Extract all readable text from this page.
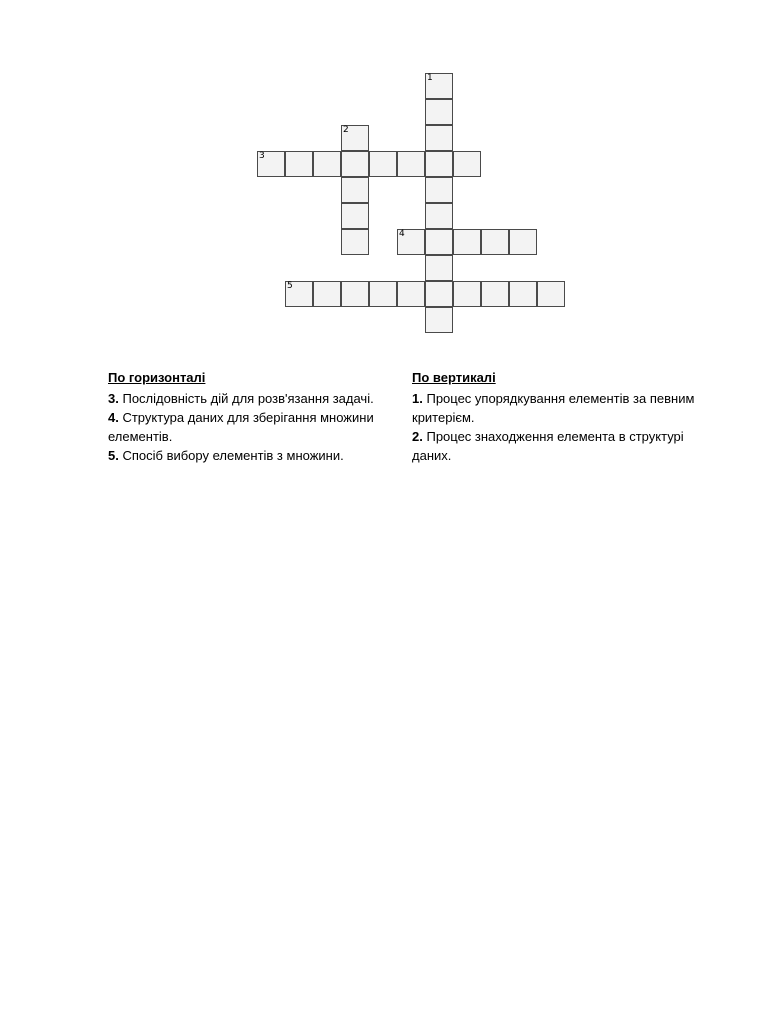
1
2
3
4
5
По горизонталі

3. Послідовність дій для розв'язання задачі.

4. Структура даних для зберігання множини елементів.

5. Спосіб вибору елементів з множини.

По вертикалі

1. Процес упорядкування елементів за певним критерієм.

2. Процес знаходження елемента в структурі даних.
